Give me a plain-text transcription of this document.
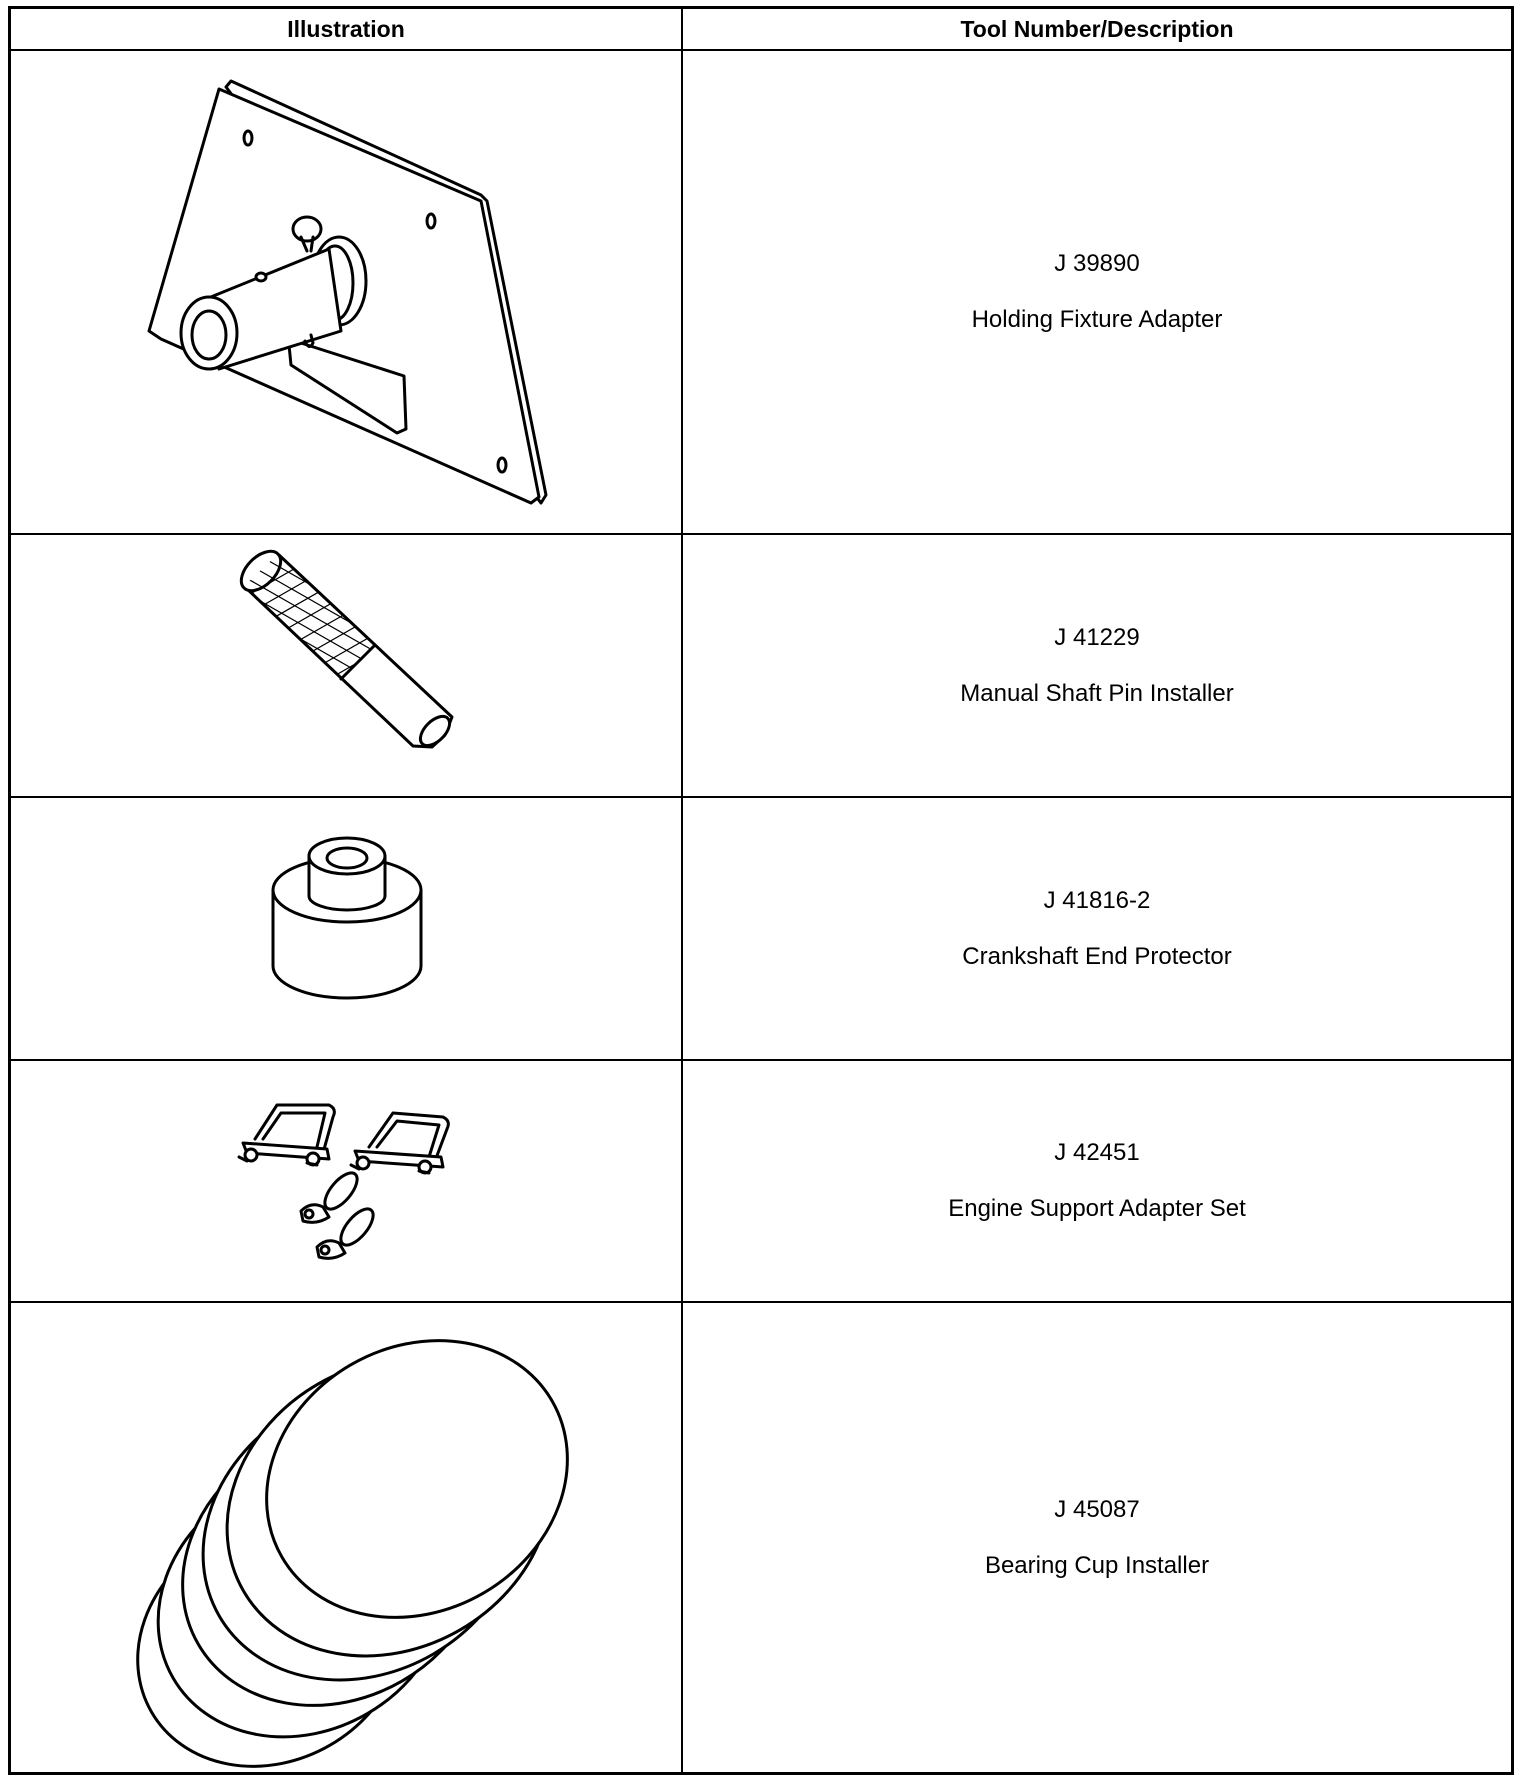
Illustration	Tool Number/Description
J 39890
Holding Fixture Adapter
J 41229
Manual Shaft Pin Installer
J 41816-2
Crankshaft End Protector
J 42451
Engine Support Adapter Set
J 45087
Bearing Cup Installer
